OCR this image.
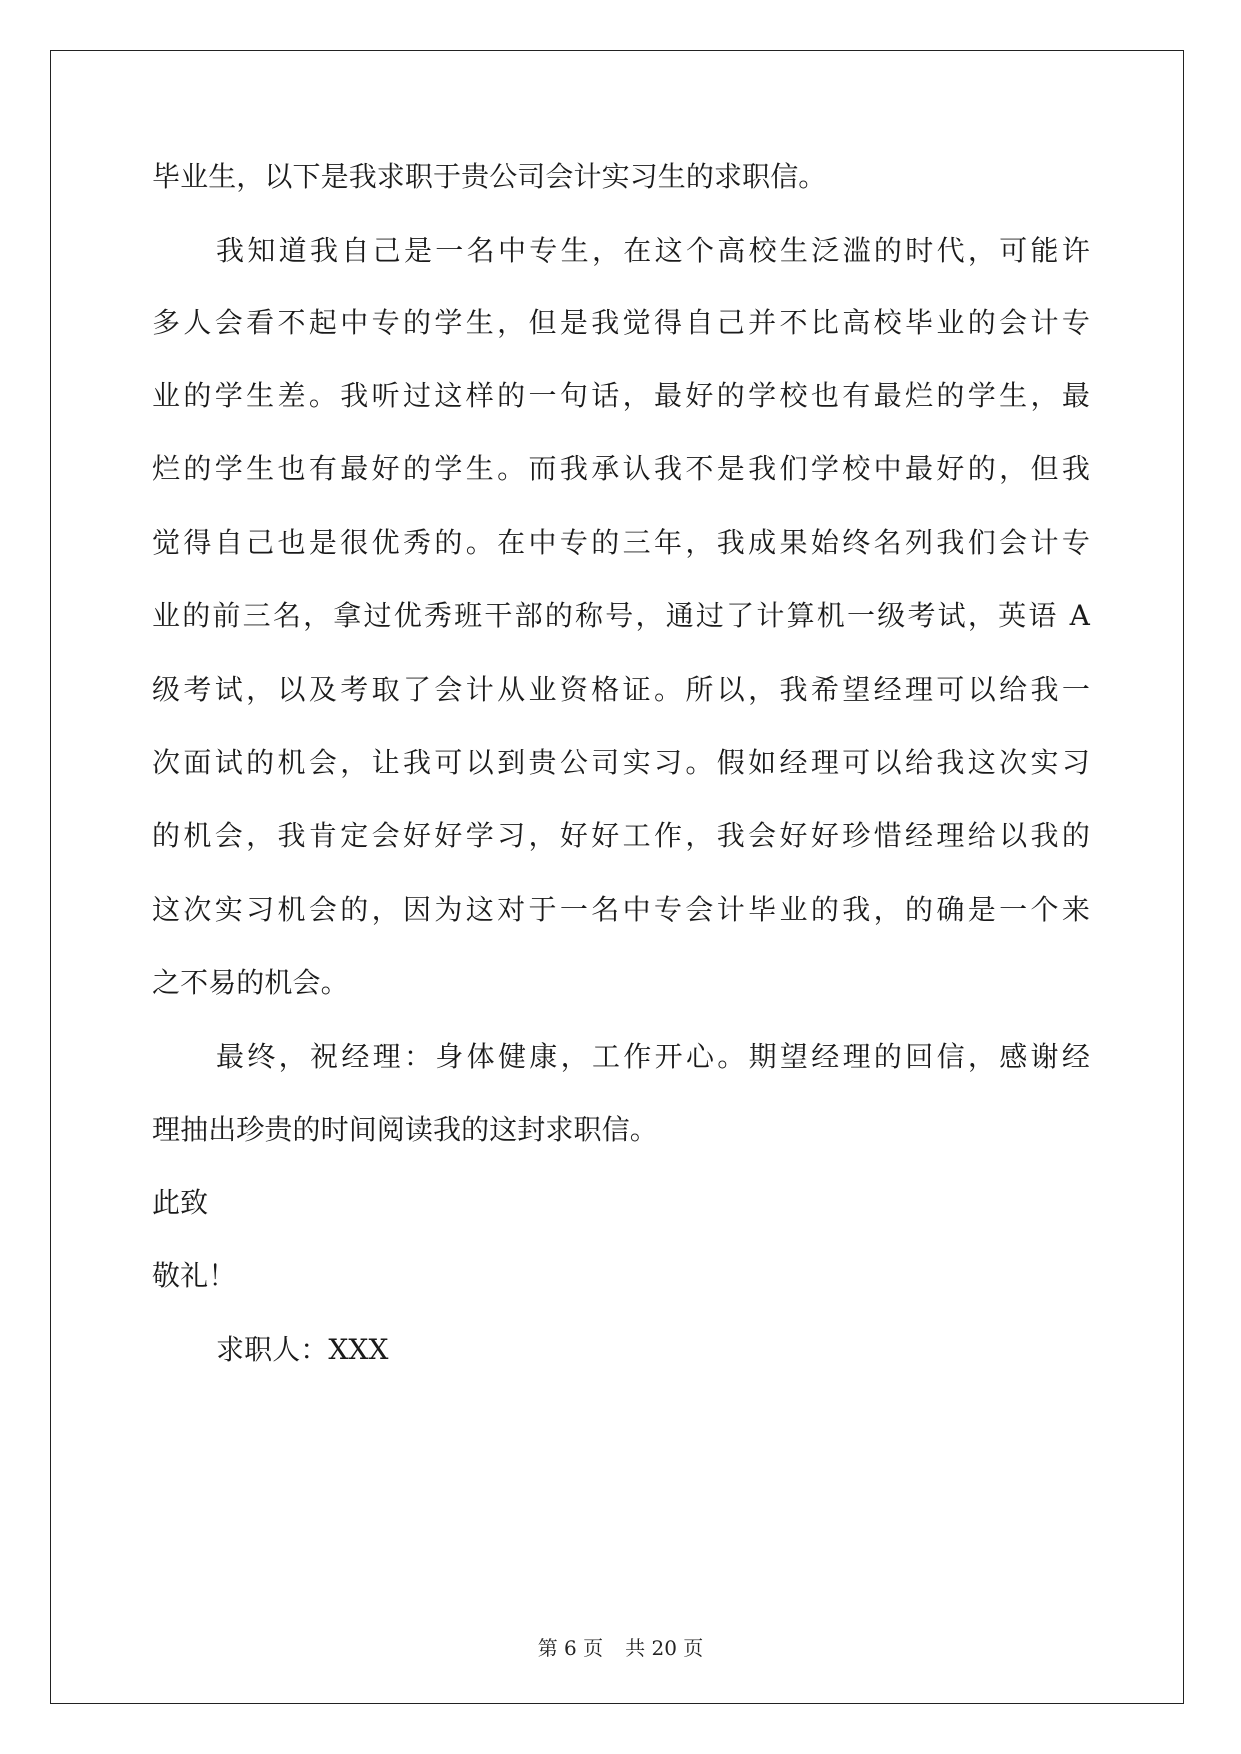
毕业生，以下是我求职于贵公司会计实习生的求职信。
我知道我自己是一名中专生，在这个高校生泛滥的时代，可能许
多人会看不起中专的学生，但是我觉得自己并不比高校毕业的会计专
业的学生差。我听过这样的一句话，最好的学校也有最烂的学生，最
烂的学生也有最好的学生。而我承认我不是我们学校中最好的，但我
觉得自己也是很优秀的。在中专的三年，我成果始终名列我们会计专
业的前三名，拿过优秀班干部的称号，通过了计算机一级考试，英语 A
级考试，以及考取了会计从业资格证。所以，我希望经理可以给我一
次面试的机会，让我可以到贵公司实习。假如经理可以给我这次实习
的机会，我肯定会好好学习，好好工作，我会好好珍惜经理给以我的
这次实习机会的，因为这对于一名中专会计毕业的我，的确是一个来
之不易的机会。
最终，祝经理：身体健康，工作开心。期望经理的回信，感谢经
理抽出珍贵的时间阅读我的这封求职信。
此致
敬礼！
求职人：XXX
第 6 页 共 20 页
